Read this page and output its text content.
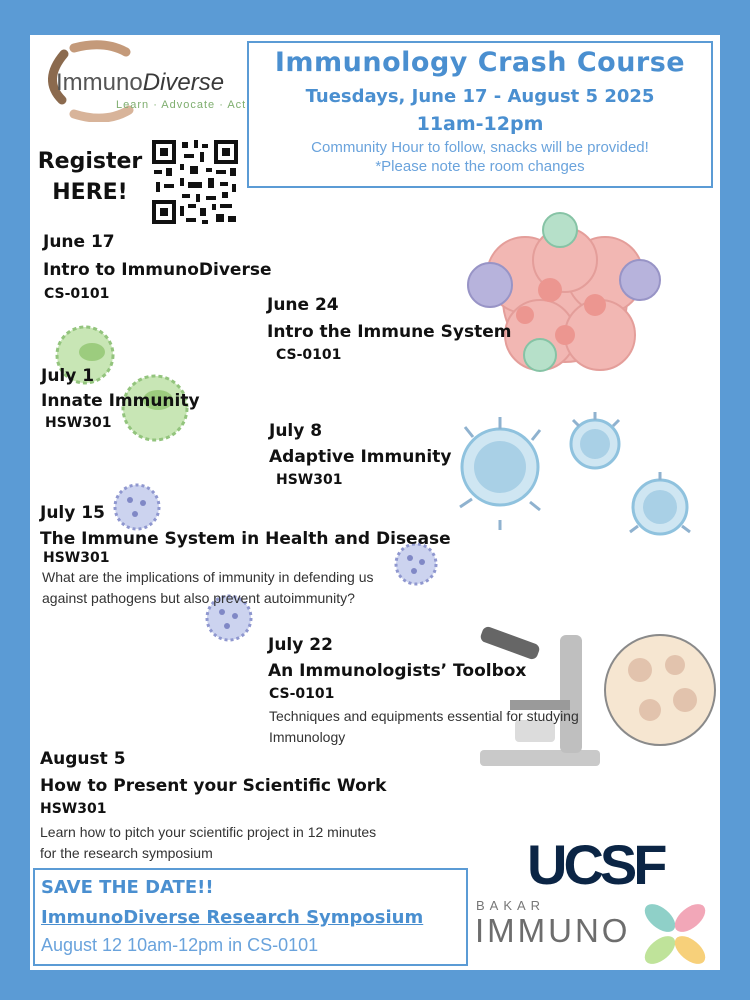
ImmunoDiverse
Learn · Advocate · Act
Immunology Crash Course
Tuesdays, June 17 - August 5 2025
11am-12pm
Community Hour to follow, snacks will be provided!
*Please note the room changes
Register
HERE!
June 17
Intro to ImmunoDiverse
CS-0101
June 24
Intro the Immune System
CS-0101
July 1
Innate Immunity
HSW301	July 8
Adaptive Immunity
HSW301
July 15
The Immune System in Health and Disease
HSW301
What are the implications of immunity in defending us
against pathogens but also prevent autoimmunity?
July 22
An Immunologists’ Toolbox
CS-0101
Techniques and equipments essential for studying
Immunology
August 5
How to Present your Scientific Work
HSW301
Learn how to pitch your scientific project in 12 minutes
for the research symposium
SAVE THE DATE!!
ImmunoDiverse Research Symposium
August 12 10am-12pm in CS-0101
UCSF
BAKAR
IMMUNO
